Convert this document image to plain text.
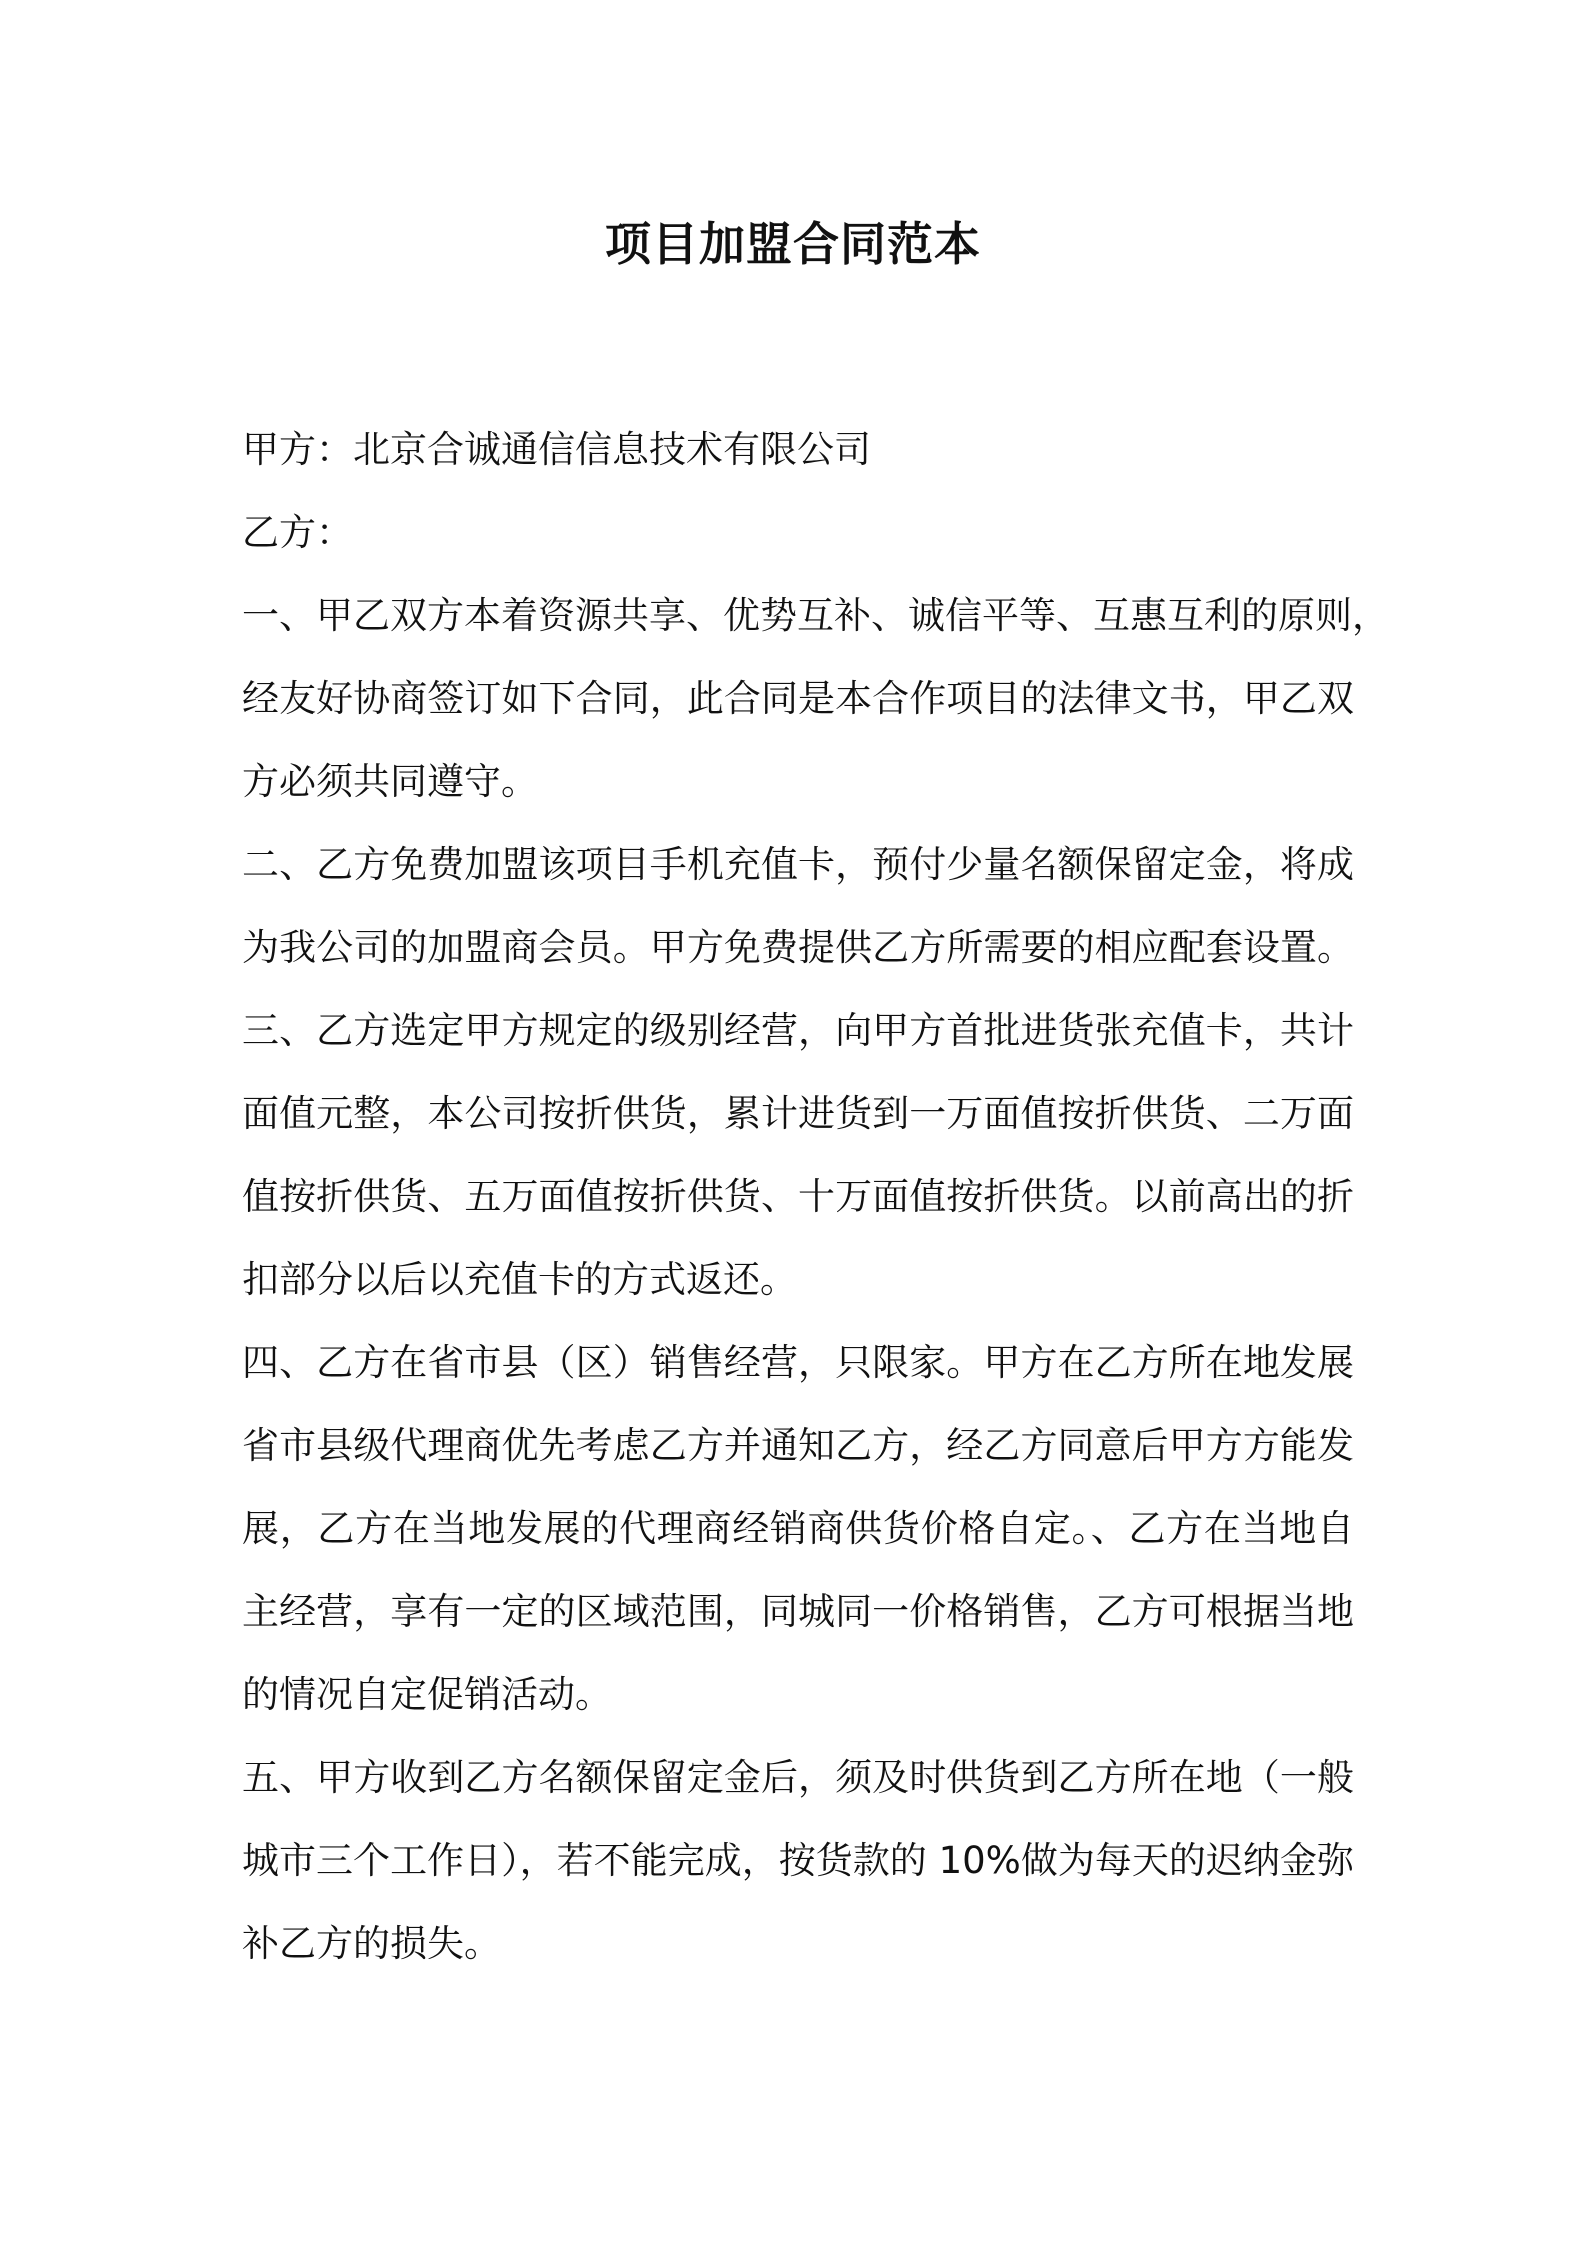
项目加盟合同范本

甲方：北京合诚通信信息技术有限公司

乙方：

一、甲乙双方本着资源共享、优势互补、诚信平等、互惠互利的原则，

经友好协商签订如下合同，此合同是本合作项目的法律文书，甲乙双

方必须共同遵守。

二、乙方免费加盟该项目手机充值卡，预付少量名额保留定金，将成

为我公司的加盟商会员。甲方免费提供乙方所需要的相应配套设置。

三、乙方选定甲方规定的级别经营，向甲方首批进货张充值卡，共计

面值元整，本公司按折供货，累计进货到一万面值按折供货、二万面

值按折供货、五万面值按折供货、十万面值按折供货。以前高出的折

扣部分以后以充值卡的方式返还。

四、乙方在省市县（区）销售经营，只限家。甲方在乙方所在地发展

省市县级代理商优先考虑乙方并通知乙方，经乙方同意后甲方方能发

展，乙方在当地发展的代理商经销商供货价格自定。、乙方在当地自

主经营，享有一定的区域范围，同城同一价格销售，乙方可根据当地

的情况自定促销活动。

五、甲方收到乙方名额保留定金后，须及时供货到乙方所在地（一般

城市三个工作日），若不能完成，按货款的 10%做为每天的迟纳金弥

补乙方的损失。
